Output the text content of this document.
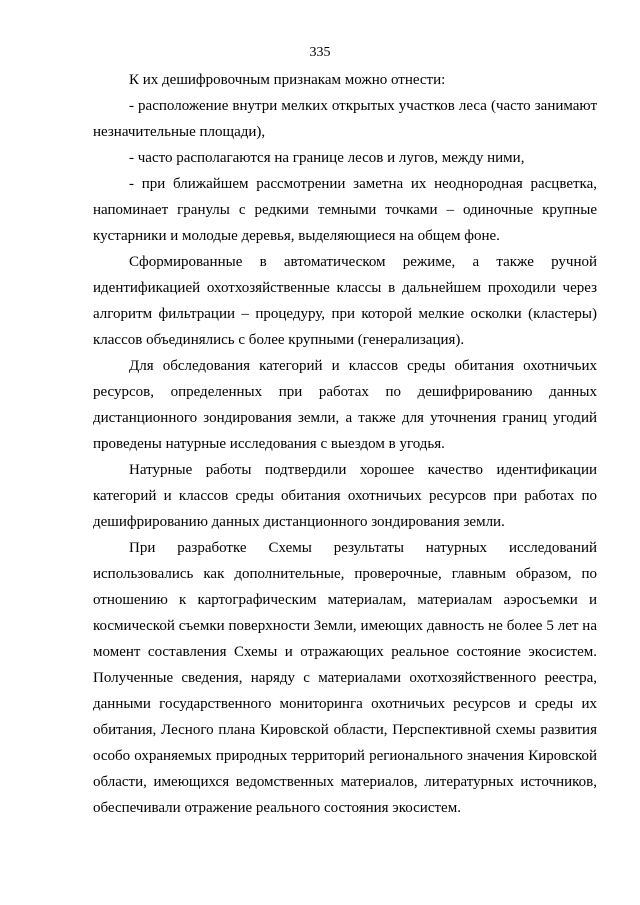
335

К их дешифровочным признакам можно отнести:

- расположение внутри мелких открытых участков леса (часто занимают незначительные площади),

- часто располагаются на границе лесов и лугов, между ними,

- при ближайшем рассмотрении заметна их неоднородная расцветка, напоминает гранулы с редкими темными точками – одиночные крупные кустарники и молодые деревья, выделяющиеся на общем фоне.

Сформированные в автоматическом режиме, а также ручной идентификацией охотхозяйственные классы в дальнейшем проходили через алгоритм фильтрации – процедуру, при которой мелкие осколки (кластеры) классов объединялись с более крупными (генерализация).

Для обследования категорий и классов среды обитания охотничьих ресурсов, определенных при работах по дешифрированию данных дистанционного зондирования земли, а также для уточнения границ угодий проведены натурные исследования с выездом в угодья.

Натурные работы подтвердили хорошее качество идентификации категорий и классов среды обитания охотничьих ресурсов при работах по дешифрированию данных дистанционного зондирования земли.

При разработке Схемы результаты натурных исследований использовались как дополнительные, проверочные, главным образом, по отношению к картографическим материалам, материалам аэросъемки и космической съемки поверхности Земли, имеющих давность не более 5 лет на момент составления Схемы и отражающих реальное состояние экосистем. Полученные сведения, наряду с материалами охотхозяйственного реестра, данными государственного мониторинга охотничьих ресурсов и среды их обитания, Лесного плана Кировской области, Перспективной схемы развития особо охраняемых природных территорий регионального значения Кировской области, имеющихся ведомственных материалов, литературных источников, обеспечивали отражение реального состояния экосистем.
